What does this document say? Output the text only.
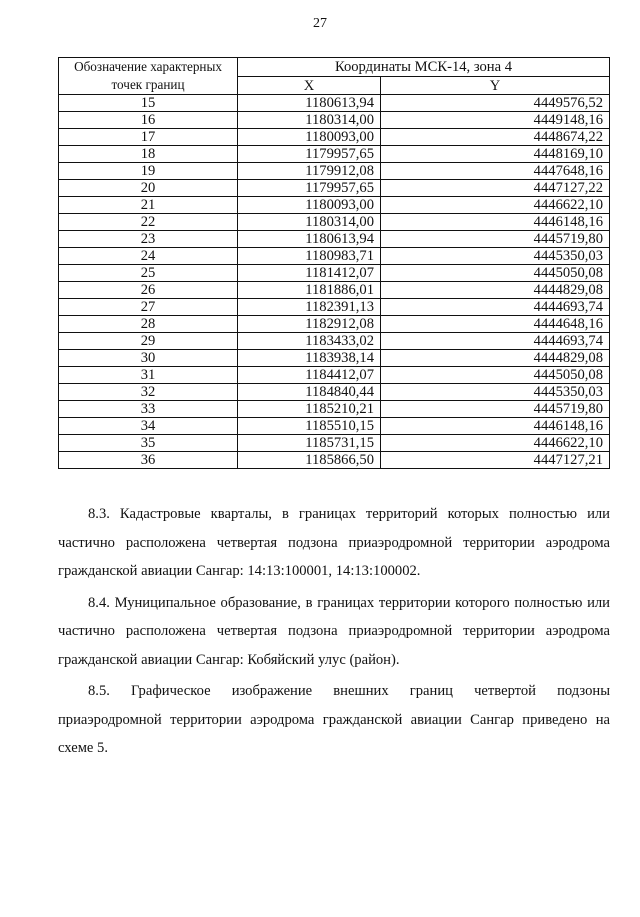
27
Обозначение характерных точек границ	Координаты МСК-14, зона 4	
	X	Y
15	1180613,94	4449576,52
16	1180314,00	4449148,16
17	1180093,00	4448674,22
18	1179957,65	4448169,10
19	1179912,08	4447648,16
20	1179957,65	4447127,22
21	1180093,00	4446622,10
22	1180314,00	4446148,16
23	1180613,94	4445719,80
24	1180983,71	4445350,03
25	1181412,07	4445050,08
26	1181886,01	4444829,08
27	1182391,13	4444693,74
28	1182912,08	4444648,16
29	1183433,02	4444693,74
30	1183938,14	4444829,08
31	1184412,07	4445050,08
32	1184840,44	4445350,03
33	1185210,21	4445719,80
34	1185510,15	4446148,16
35	1185731,15	4446622,10
36	1185866,50	4447127,21

8.3. Кадастровые кварталы, в границах территорий которых полностью или частично расположена четвертая подзона приаэродромной территории аэродрома гражданской авиации Сангар: 14:13:100001, 14:13:100002.

8.4. Муниципальное образование, в границах территории которого полностью или частично расположена четвертая подзона приаэродромной территории аэродрома гражданской авиации Сангар: Кобяйский улус (район).

8.5. Графическое изображение внешних границ четвертой подзоны приаэродромной территории аэродрома гражданской авиации Сангар приведено на схеме 5.
